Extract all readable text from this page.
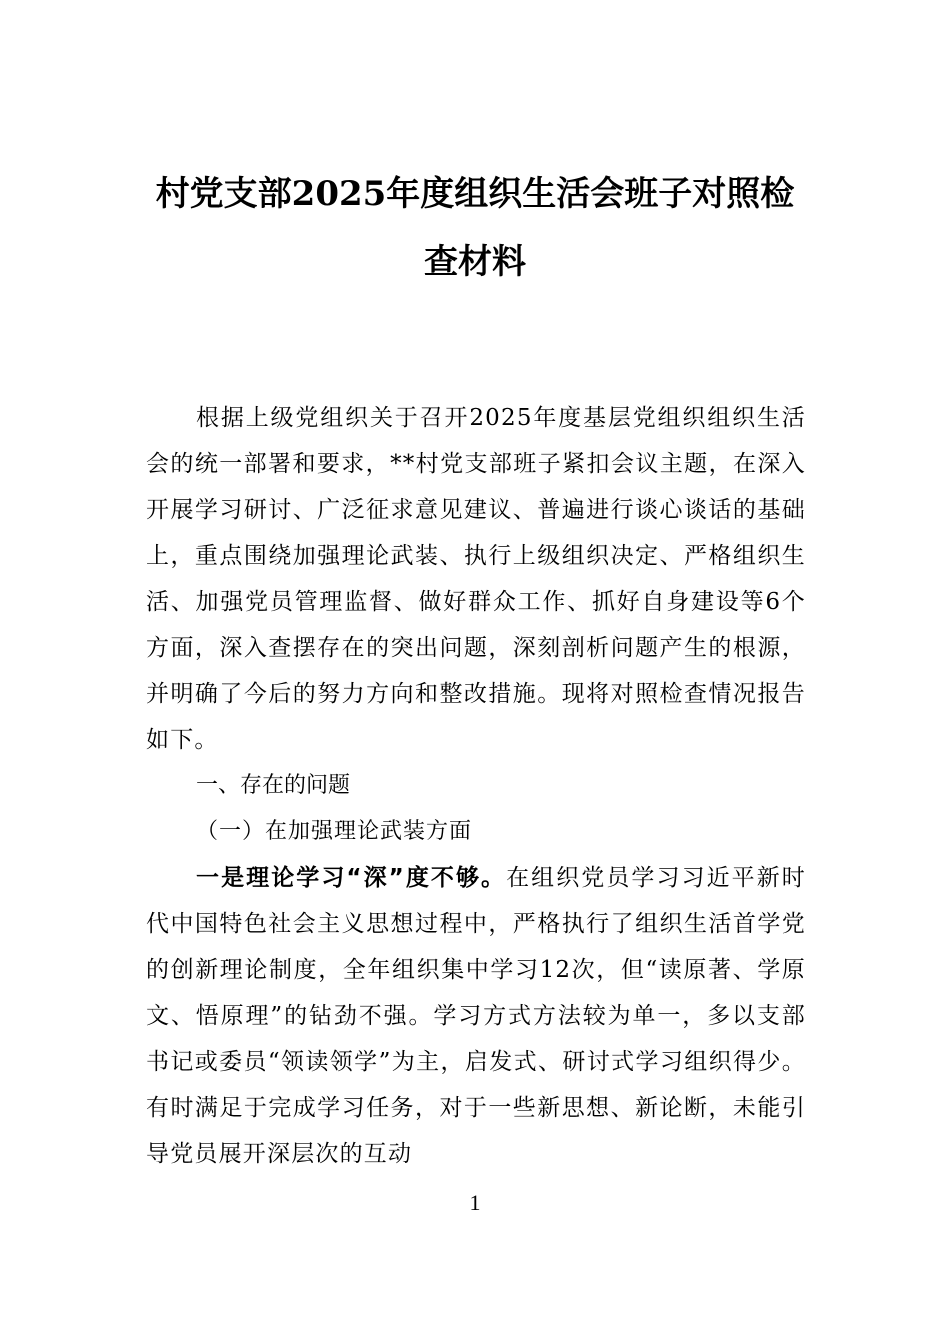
村党支部2025年度组织生活会班子对照检查材料

根据上级党组织关于召开2025年度基层党组织组织生活会的统一部署和要求，**村党支部班子紧扣会议主题，在深入开展学习研讨、广泛征求意见建议、普遍进行谈心谈话的基础上，重点围绕加强理论武装、执行上级组织决定、严格组织生活、加强党员管理监督、做好群众工作、抓好自身建设等6个方面，深入查摆存在的突出问题，深刻剖析问题产生的根源，并明确了今后的努力方向和整改措施。现将对照检查情况报告如下。

一、存在的问题

（一）在加强理论武装方面

一是理论学习“深”度不够。在组织党员学习习近平新时代中国特色社会主义思想过程中，严格执行了组织生活首学党的创新理论制度，全年组织集中学习12次，但“读原著、学原文、悟原理”的钻劲不强。学习方式方法较为单一，多以支部书记或委员“领读领学”为主，启发式、研讨式学习组织得少。有时满足于完成学习任务，对于一些新思想、新论断，未能引导党员展开深层次的互动

1
